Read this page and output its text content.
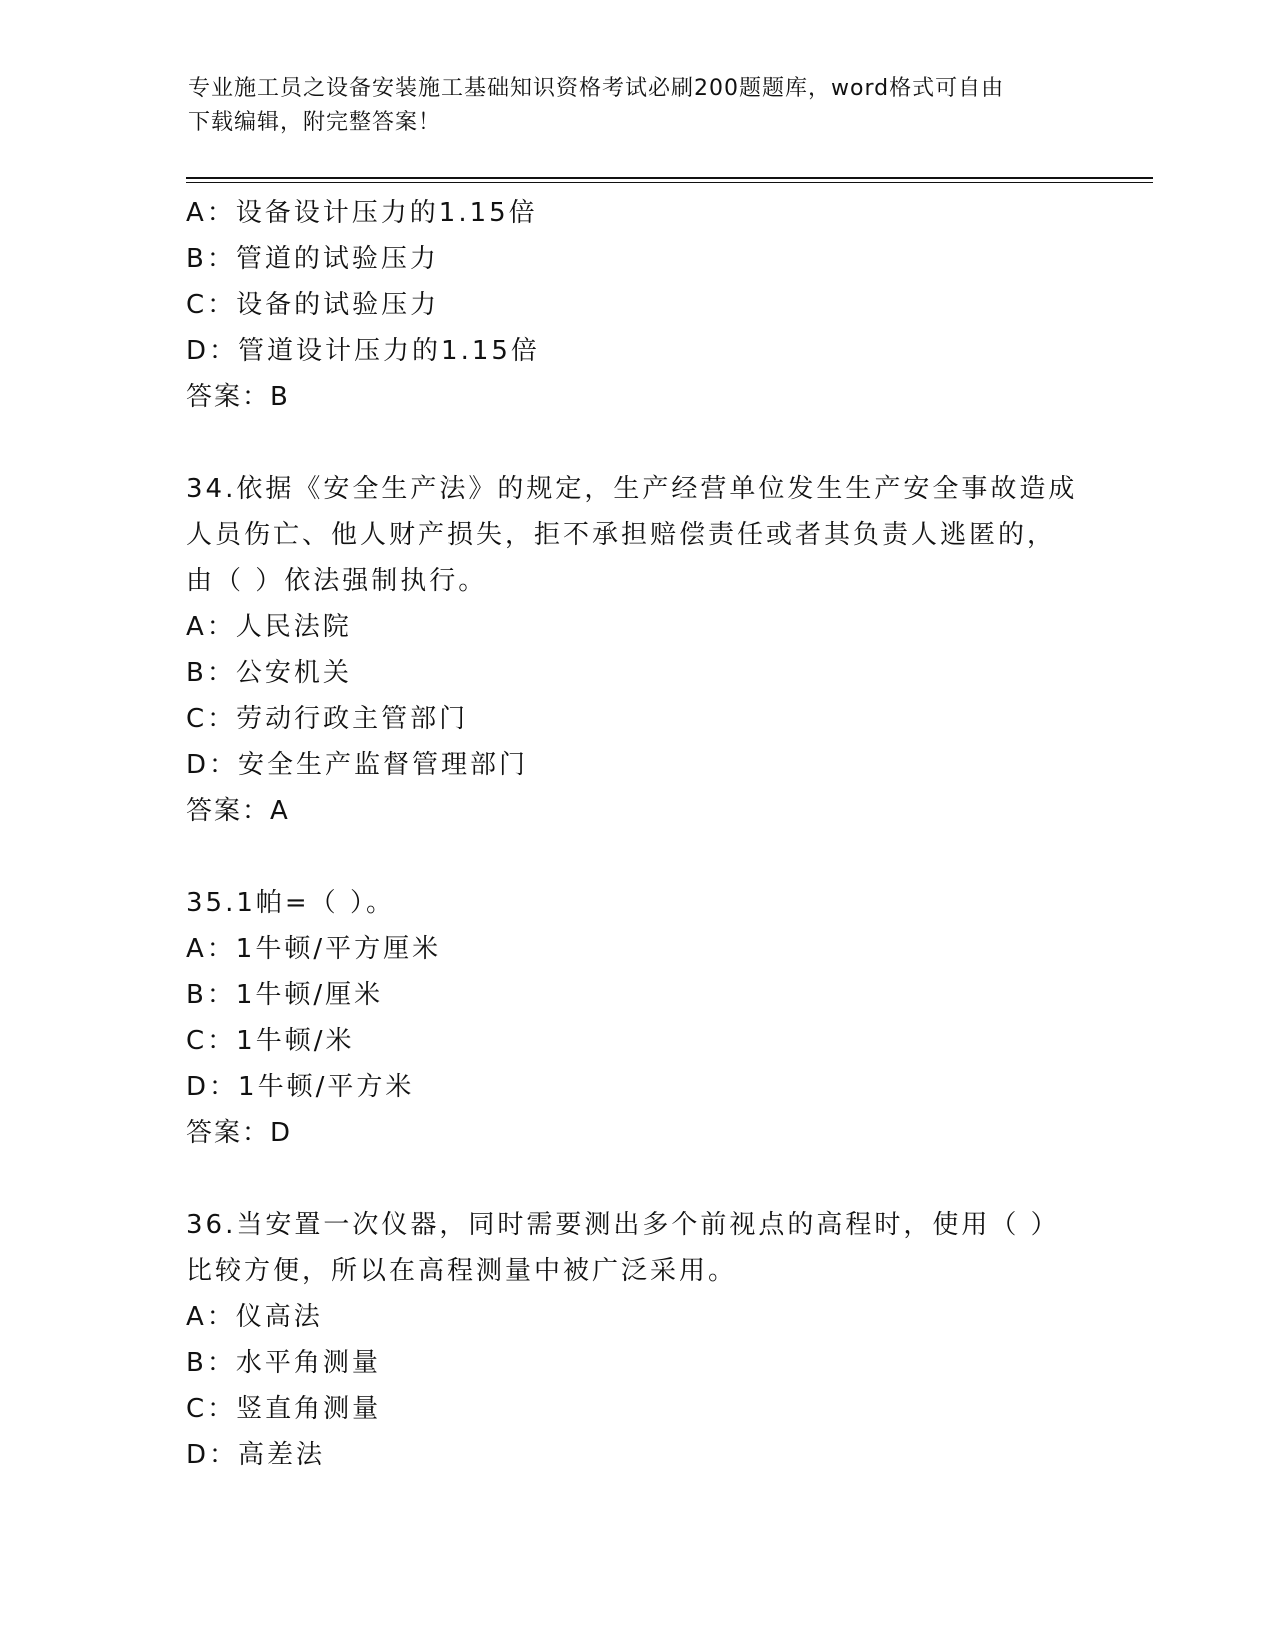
专业施工员之设备安装施工基础知识资格考试必刷200题题库，word格式可自由
下载编辑，附完整答案！
A：设备设计压力的1.15倍
B：管道的试验压力
C：设备的试验压力
D：管道设计压力的1.15倍
答案：B
34.依据《安全生产法》的规定，生产经营单位发生生产安全事故造成
人员伤亡、他人财产损失，拒不承担赔偿责任或者其负责人逃匿的，
由（ ）依法强制执行。
A：人民法院
B：公安机关
C：劳动行政主管部门
D：安全生产监督管理部门
答案：A
35.1帕=（ ）。
A：1牛顿/平方厘米
B：1牛顿/厘米
C：1牛顿/米
D：1牛顿/平方米
答案：D
36.当安置一次仪器，同时需要测出多个前视点的高程时，使用（ ）
比较方便，所以在高程测量中被广泛采用。
A：仪高法
B：水平角测量
C：竖直角测量
D：高差法
